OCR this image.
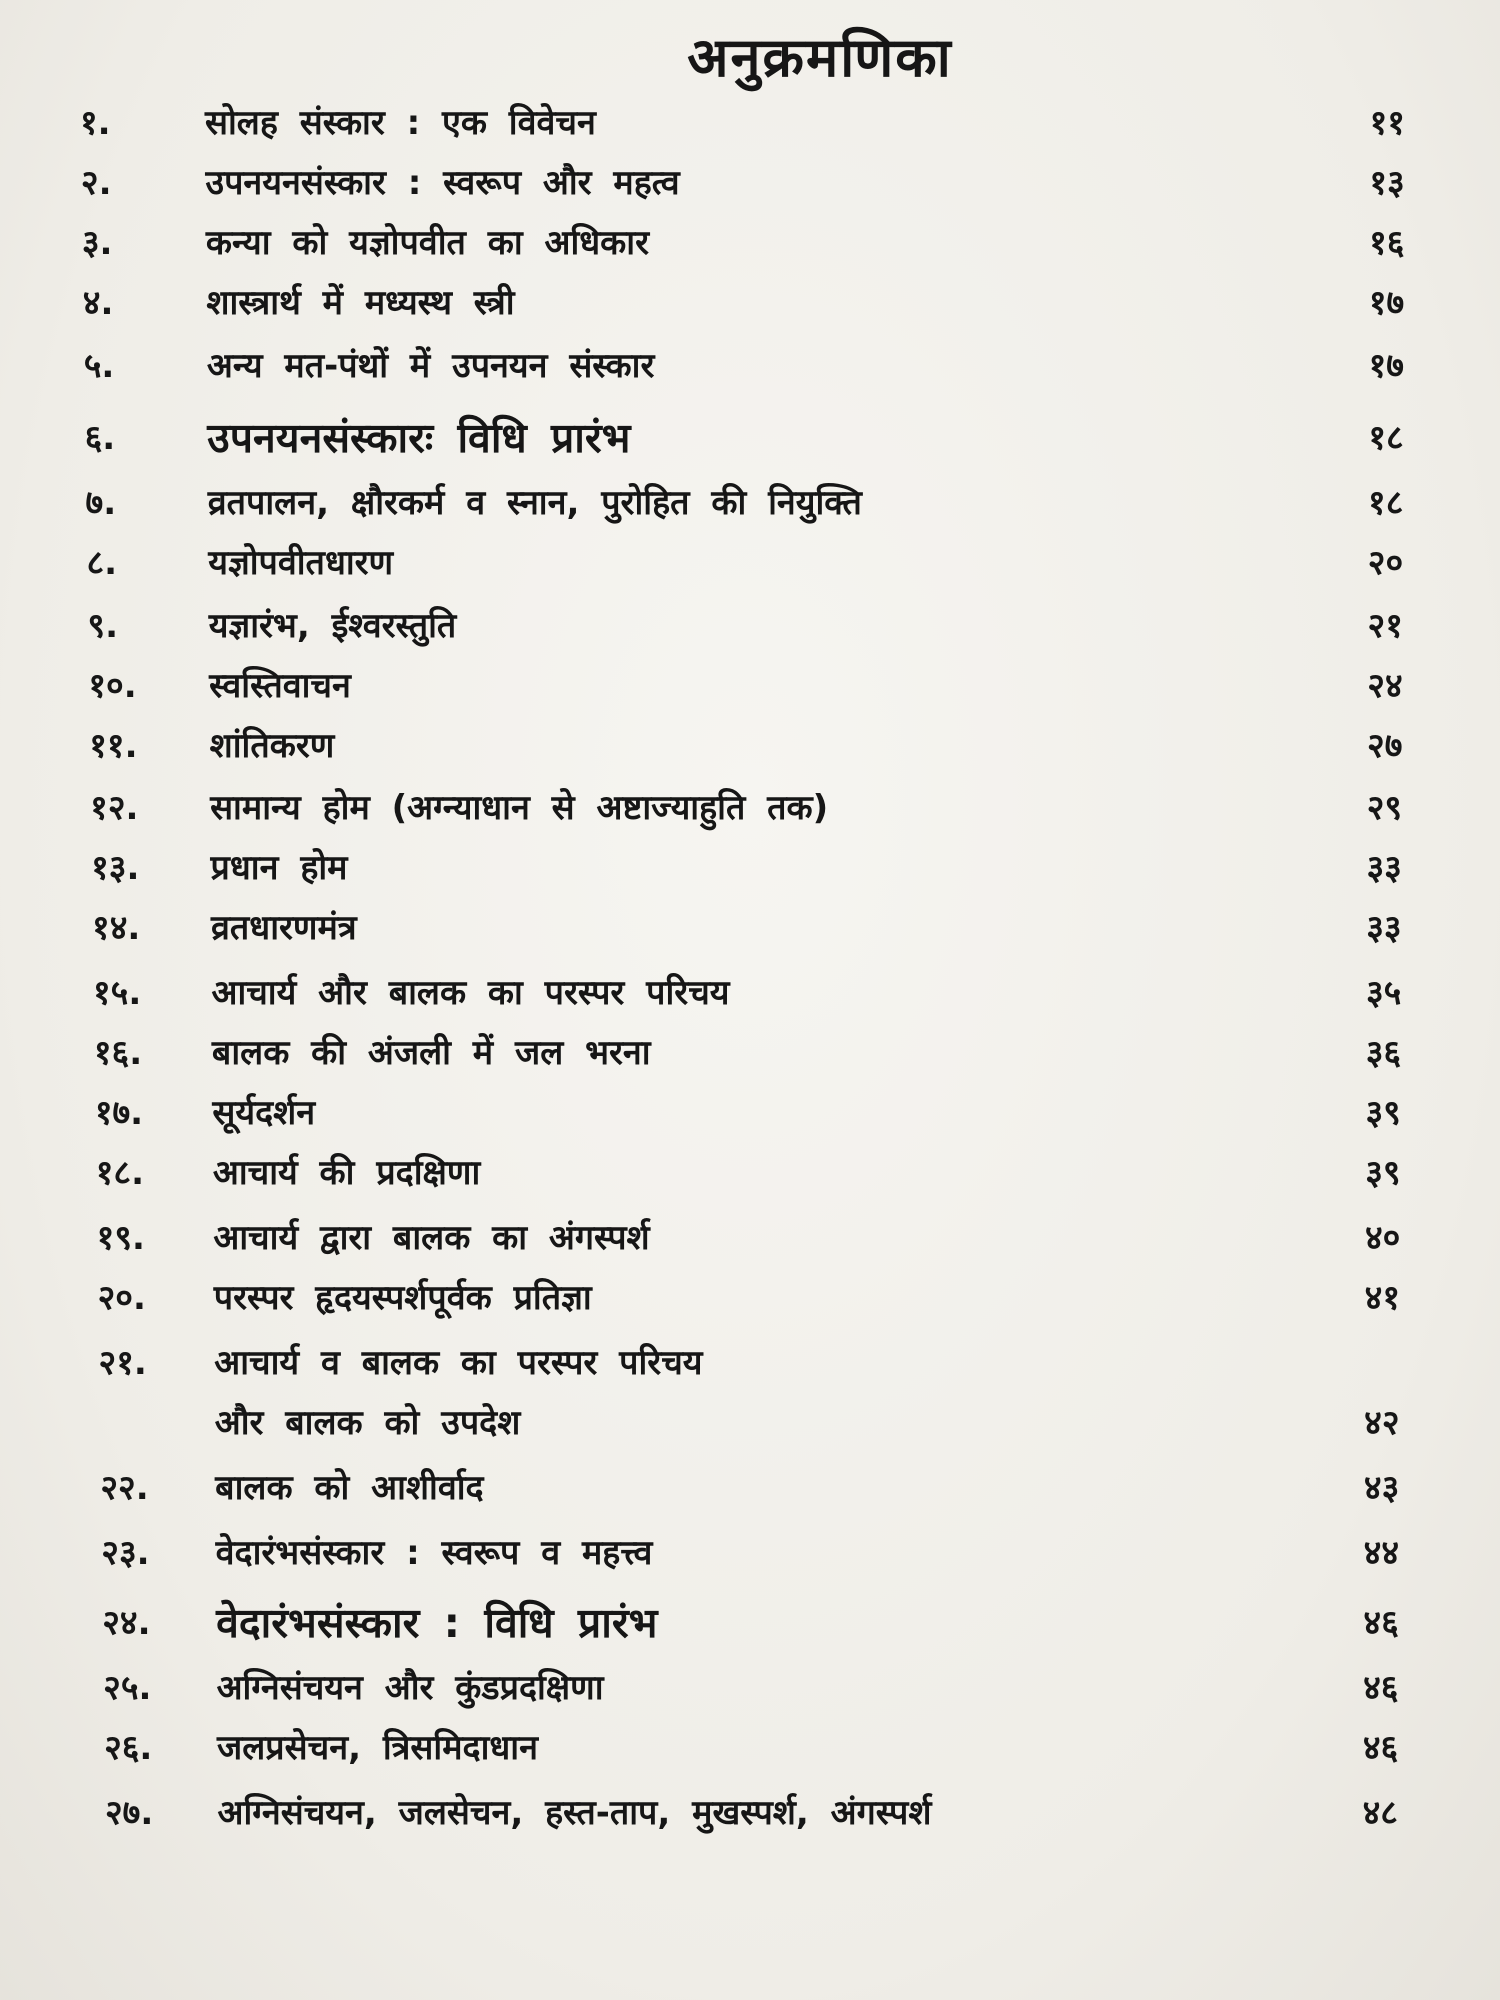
अनुक्रमणिका
१.	सोलह संस्कार : एक विवेचन	११
२.	उपनयनसंस्कार : स्वरूप और महत्व	१३
३.	कन्या को यज्ञोपवीत का अधिकार	१६
४.	शास्त्रार्थ में मध्यस्थ स्त्री	१७
५.	अन्य मत-पंथों में उपनयन संस्कार	१७
६. उपनयनसंस्कारः विधि प्रारंभ	१८
७.	व्रतपालन, क्षौरकर्म व स्नान, पुरोहित की नियुक्ति	१८
८.	यज्ञोपवीतधारण	२०
९.	यज्ञारंभ, ईश्वरस्तुति	२१
१०. स्वस्तिवाचन	२४
११. शांतिकरण	२७
१२. सामान्य होम (अग्न्याधान से अष्टाज्याहुति तक)	२९
१३. प्रधान होम	३३
१४. व्रतधारणमंत्र	३३
१५. आचार्य और बालक का परस्पर परिचय	३५
१६. बालक की अंजली में जल भरना	३६
१७. सूर्यदर्शन	३९
१८. आचार्य की प्रदक्षिणा	३९
१९. आचार्य द्वारा बालक का अंगस्पर्श	४०
२०. परस्पर हृदयस्पर्शपूर्वक प्रतिज्ञा	४१
२१. आचार्य व बालक का परस्पर परिचय
और बालक को उपदेश	४२
२२. बालक को आशीर्वाद	४३
२३. वेदारंभसंस्कार : स्वरूप व महत्त्व	४४
२४. वेदारंभसंस्कार : विधि प्रारंभ	४६
२५. अग्निसंचयन और कुंडप्रदक्षिणा	४६
२६. जलप्रसेचन, त्रिसमिदाधान	४६
२७. अग्निसंचयन, जलसेचन, हस्त-ताप, मुखस्पर्श, अंगस्पर्श	४८
